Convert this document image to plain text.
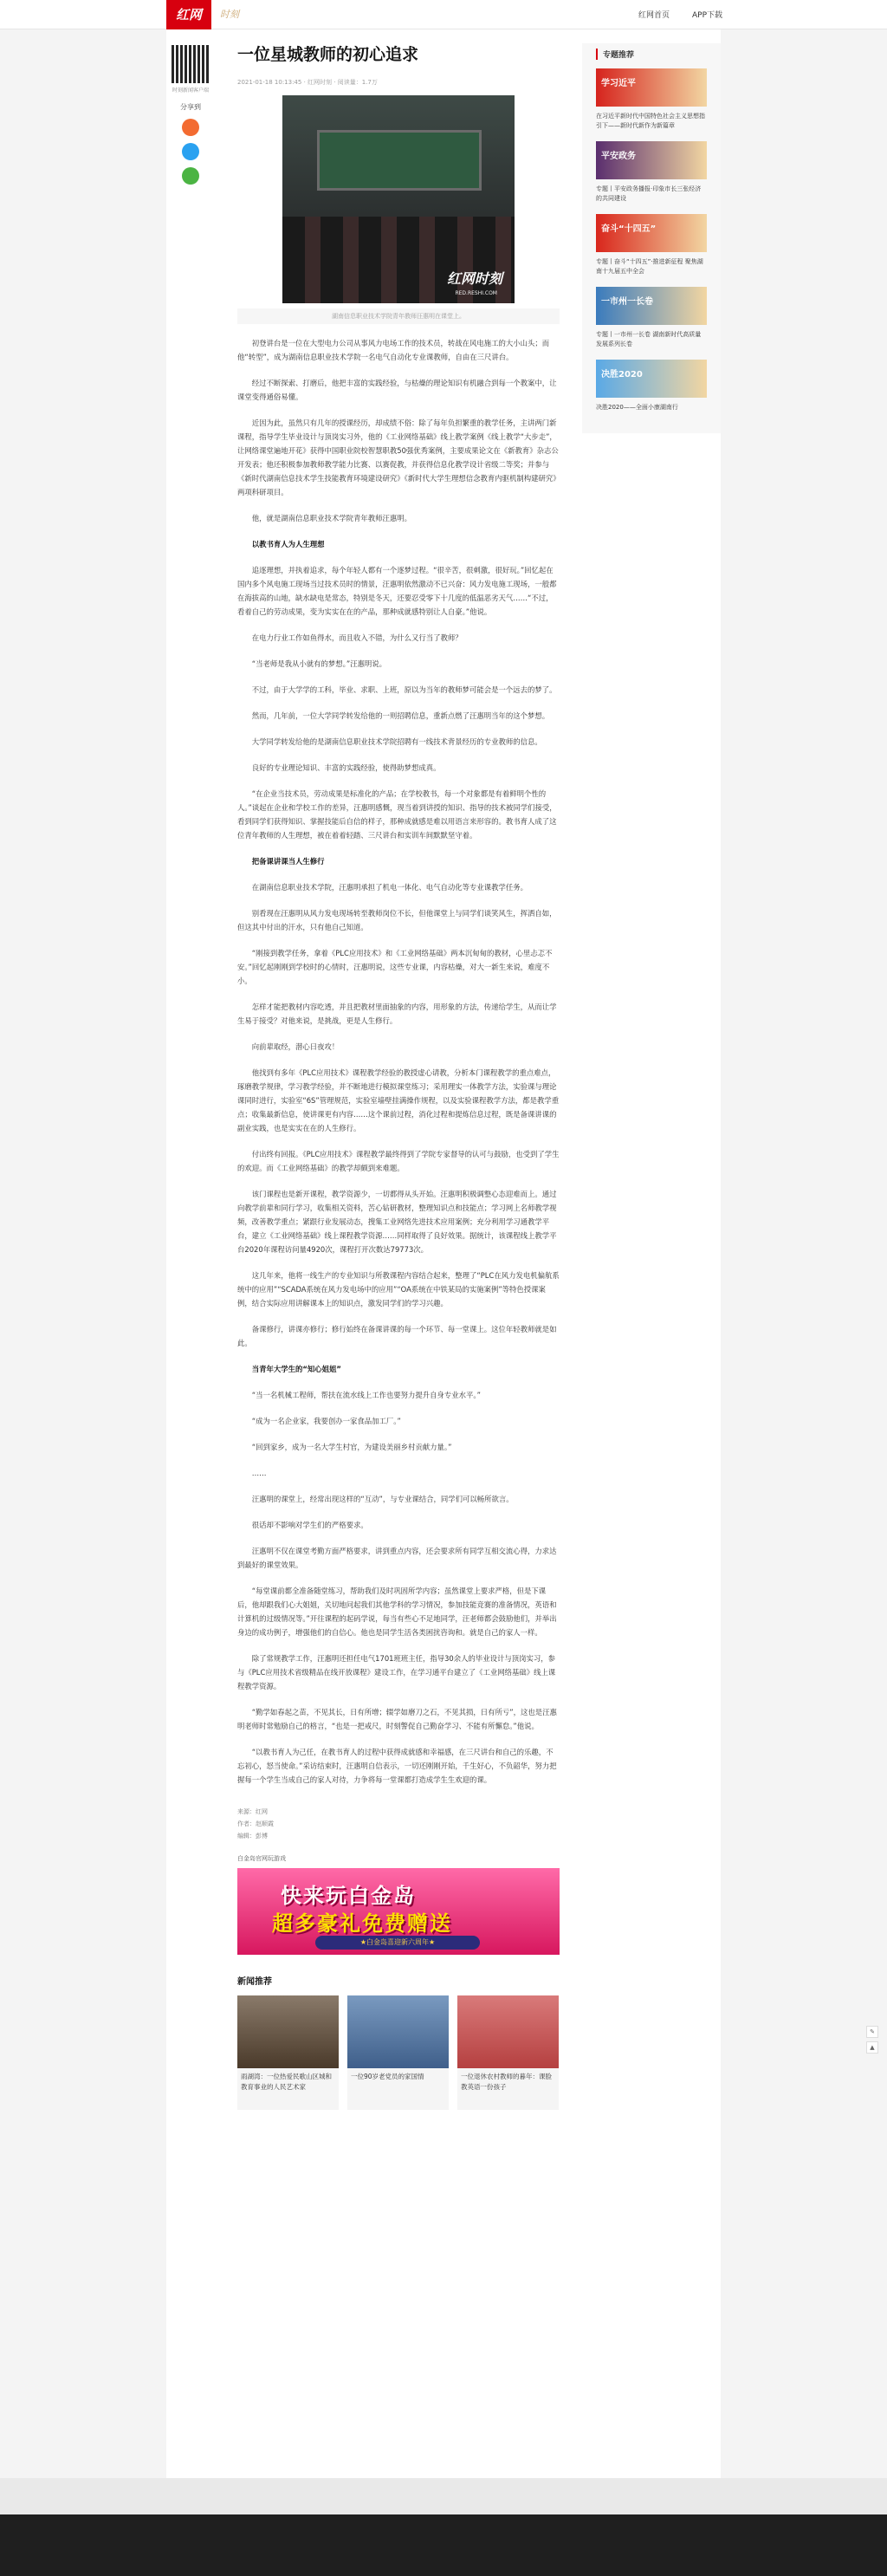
红网	时刻	红网首页	APP下载
时刻新闻客户端
分享到
一位星城教师的初心追求
2021-01-18 10:13:45 · 红网时刻 · 阅读量：1.7万
红网时刻
RED.RESHI.COM
湖南信息职业技术学院青年教师汪惠明在课堂上。

初登讲台是一位在大型电力公司从事风力电场工作的技术员，转战在风电施工的大小山头；而他“转型”，成为湖南信息职业技术学院一名电气自动化专业课教师，自由在三尺讲台。

经过不断探索、打磨后，他把丰富的实践经验，与枯燥的理论知识有机融合到每一个教案中，让课堂变得通俗易懂。

近因为此，虽然只有几年的授课经历，却成绩不俗：除了每年负担繁重的教学任务，主讲两门新课程，指导学生毕业设计与顶岗实习外，他的《工业网络基础》线上教学案例《线上教学“大步走”，让网络课堂遍地开花》获得中国职业院校智慧职教50强优秀案例，主要成果论文在《新教育》杂志公开发表；他还积极参加教师教学能力比赛、以赛促教，并获得信息化教学设计省级二等奖；并参与《新时代湖南信息技术学生技能教育环境建设研究》《新时代大学生理想信念教育内驱机制构建研究》两项科研项目。

他，就是湖南信息职业技术学院青年教师汪惠明。

以教书育人为人生理想

追逐理想，并执着追求，每个年轻人都有一个逐梦过程。“很辛苦，很刺激，很好玩。”回忆起在国内多个风电施工现场当过技术员时的情景，汪惠明依然激动不已兴奋：风力发电施工现场，一般都在海拔高的山地，缺水缺电是常态，特别是冬天，还要忍受零下十几度的低温恶劣天气……“不过，看着自己的劳动成果，变为实实在在的产品，那种成就感特别让人自豪。”他说。

在电力行业工作如鱼得水，而且收入不错，为什么又行当了教师？

“当老师是我从小就有的梦想。”汪惠明说。

不过，由于大学学的工科，毕业、求职、上班，原以为当年的教师梦可能会是一个远去的梦了。

然而，几年前，一位大学同学转发给他的一则招聘信息，重新点燃了汪惠明当年的这个梦想。

大学同学转发给他的是湖南信息职业技术学院招聘有一线技术背景经历的专业教师的信息。

良好的专业理论知识、丰富的实践经验，使得助梦想成真。

“在企业当技术员，劳动成果是标准化的产品；在学校教书，每一个对象都是有着鲜明个性的人。”谈起在企业和学校工作的差异，汪惠明感慨，现当着到讲授的知识、指导的技术被同学们接受，看到同学们获得知识、掌握技能后自信的样子，那种成就感是难以用语言来形容的。教书育人成了这位青年教师的人生理想，被在着着轻踏、三尺讲台和实训车间默默坚守着。

把备课讲课当人生修行

在湖南信息职业技术学院，汪惠明承担了机电一体化、电气自动化等专业课教学任务。

别看现在汪惠明从风力发电现场转至教师岗位不长，但他课堂上与同学们谈笑风生，挥洒自如，但这其中付出的汗水，只有他自己知道。

“刚接到教学任务，拿着《PLC应用技术》和《工业网络基础》两本沉甸甸的教材，心里忐忑不安。”回忆起刚刚到学校时的心情时，汪惠明说，这些专业课，内容枯燥，对大一新生来说，难度不小。

怎样才能把教材内容吃透，并且把教材里面抽象的内容，用形象的方法，传递给学生，从而让学生易于接受？对他来说，是挑战，更是人生修行。

向前辈取经，潜心日夜攻！

他找到有多年《PLC应用技术》课程教学经验的教授虚心请教，分析本门课程教学的重点难点，琢磨教学规律，学习教学经验，并不断地进行模拟课堂练习；采用理实一体教学方法，实验课与理论课同时进行，实验室“6S”管理规范，实验室墙壁挂满操作规程，以及实验课程教学方法，都是教学重点；收集最新信息，使讲课更有内容……这个课前过程，消化过程和提炼信息过程，既是备课讲课的副业实践，也是实实在在的人生修行。

付出终有回报。《PLC应用技术》课程教学最终得到了学院专家督导的认可与鼓励，也受到了学生的欢迎。而《工业网络基础》的教学却颇到来难题。

该门课程也是新开课程，教学资源少，一切都得从头开始。汪惠明积极调整心态迎难而上。通过向教学前辈和同行学习，收集相关资料，苦心钻研教材，整理知识点和技能点；学习网上名师教学视频，改善教学重点；紧跟行业发展动态，搜集工业网络先进技术应用案例；充分利用学习通教学平台，建立《工业网络基础》线上课程教学资源……同样取得了良好效果。据统计，该课程线上教学平台2020年课程访问量4920次，课程打开次数达79773次。

这几年来，他将一线生产的专业知识与所教课程内容结合起来，整理了“PLC在风力发电机偏航系统中的应用”“SCADA系统在风力发电场中的应用”“OA系统在中铁某局的实施案例”等特色授课案例，结合实际应用讲解课本上的知识点，激发同学们的学习兴趣。

备课修行，讲课亦修行；修行始终在备课讲课的每一个环节、每一堂课上。这位年轻教师就是如此。

当青年大学生的“知心姐姐”

“当一名机械工程师，帮扶在流水线上工作也要努力提升自身专业水平。”

“成为一名企业家，我要创办一家食品加工厂。”

“回到家乡，成为一名大学生村官，为建设美丽乡村贡献力量。”

……

汪惠明的课堂上，经常出现这样的“互动”，与专业课结合，同学们可以畅所欲言。

很话却不影响对学生们的严格要求。

汪惠明不仅在课堂考勤方面严格要求，讲到重点内容，还会要求所有同学互相交流心得，力求达到最好的课堂效果。

“每堂课前都全准备随堂练习，帮助我们及时巩固所学内容；虽然课堂上要求严格，但是下课后，他却跟我们心大姐姐，关切地问起我们其他学科的学习情况，参加技能竞赛的准备情况，英语和计算机的过级情况等。”开往课程的起码学说，每当有些心不足地同学，汪老师都会鼓励他们，并举出身边的成功例子，增强他们的自信心。他也是同学生活各类困扰咨询和。就是自己的家人一样。

除了常规教学工作，汪惠明还担任电气1701班班主任，指导30余人的毕业设计与顶岗实习，参与《PLC应用技术省级精品在线开放课程》建设工作，在学习通平台建立了《工业网络基础》线上课程教学资源。

“勤学如春起之苗，不见其长，日有所增；辍学如磨刀之石，不见其损，日有所亏”，这也是汪惠明老师时常勉励自己的格言，“也是一把戒尺，时刻警促自己勤奋学习、不能有所懈怠。”他说。

“以教书育人为己任，在教书育人的过程中获得成就感和幸福感，在三尺讲台和自己的乐趣，不忘初心，怒当使命。”采访结束时，汪惠明自信表示，一切还刚刚开始，千生好心，不负韶华，努力把握每一个学生当成自己的家人对待，力争将每一堂课都打造成学生生欢迎的课。

来源：红网
作者：赵顺霞
编辑：彭博
白金岛官网玩游戏
快来玩白金岛
超多豪礼免费赠送
★白金岛喜迎新六周年★
新闻推荐
雨湖湾：一位热爱民歌山区城和教育事业的人民艺术家
一位90岁老党员的家国情	一位退休农村教师的暮年：课脸教英语一份孩子
专题推荐
学习近平
在习近平新时代中国特色社会主义思想指引下——新时代新作为新篇章
平安政务
专题丨平安政务播报·印象市长三张经济的共同建设
奋斗“十四五”
专题丨奋斗“十四五”·推进新征程 聚焦湖南十九届五中全会
一市州一长卷
专题丨一市州一长卷 湖南新时代高质量发展系列长卷
决胜2020
决胜2020——全面小康湖南行
✎
▲
